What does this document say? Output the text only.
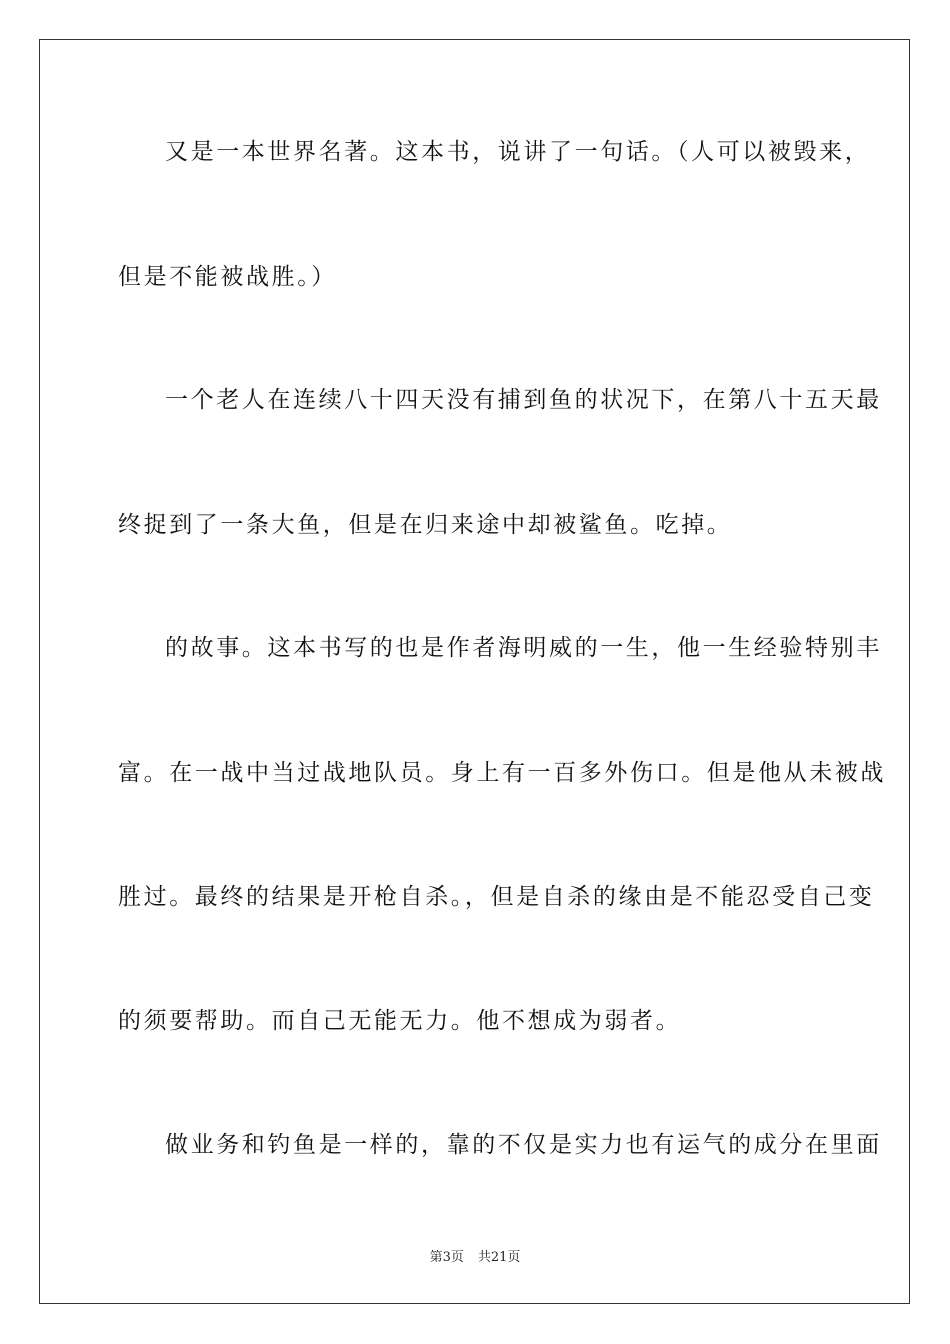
又是一本世界名著。这本书，说讲了一句话。（人可以被毁来，
但是不能被战胜。）
一个老人在连续八十四天没有捕到鱼的状况下，在第八十五天最
终捉到了一条大鱼，但是在归来途中却被鲨鱼。吃掉。
的故事。这本书写的也是作者海明威的一生，他一生经验特别丰
富。在一战中当过战地队员。身上有一百多外伤口。但是他从未被战
胜过。最终的结果是开枪自杀。，但是自杀的缘由是不能忍受自己变
的须要帮助。而自己无能无力。他不想成为弱者。
做业务和钓鱼是一样的，靠的不仅是实力也有运气的成分在里面
第3页 共21页
